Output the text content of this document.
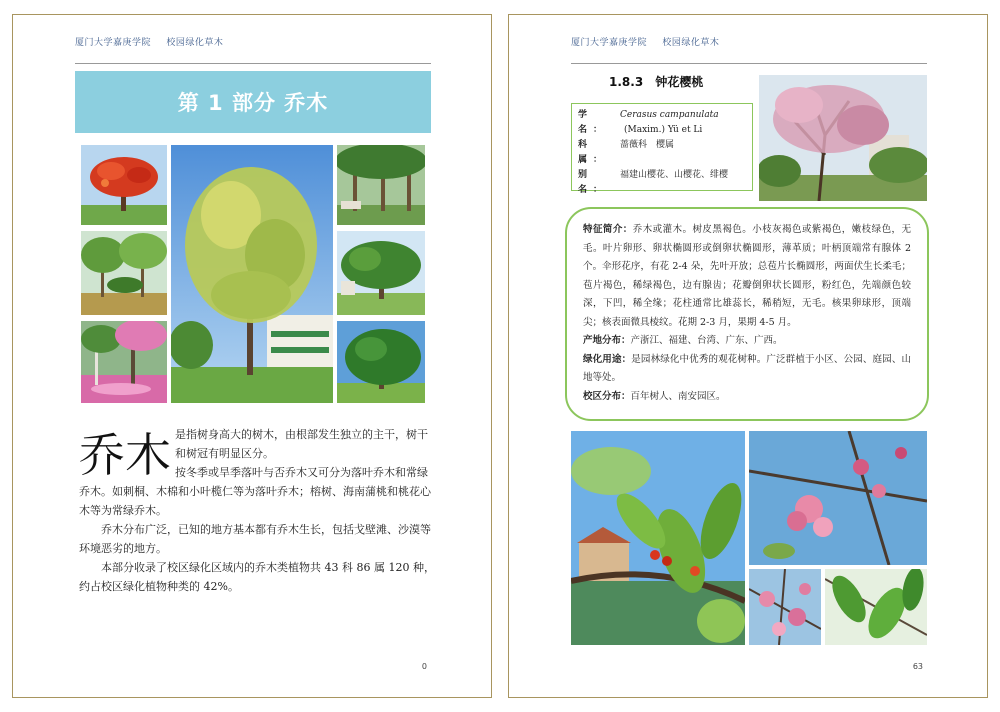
厦门大学嘉庚学院 校园绿化草木
第 1 部分 乔木
乔木 是指树身高大的树木，由根部发生独立的主干，树干和树冠有明显区分。

按冬季或旱季落叶与否乔木又可分为落叶乔木和常绿乔木。如刺桐、木棉和小叶榄仁等为落叶乔木；榕树、海南蒲桃和桃花心木等为常绿乔木。

乔木分布广泛，已知的地方基本都有乔木生长，包括戈壁滩、沙漠等环境恶劣的地方。

本部分收录了校区绿化区域内的乔木类植物共 43 科 86 属 120 种，约占校区绿化植物种类的 42%。

0
厦门大学嘉庚学院 校园绿化草木
1.8.3 钟花樱桃
学　名：
Cerasus campanulata
(Maxim.) Yü et Li
科　属：
蔷薇科　樱属
别　名：
福建山樱花、山樱花、绯樱

特征简介：乔木或灌木。树皮黑褐色。小枝灰褐色或紫褐色，嫩枝绿色，无毛。叶片卵形、卵状椭圆形或倒卵状椭圆形，薄革质；叶柄顶端常有腺体 2 个。伞形花序，有花 2-4 朵，先叶开放；总苞片长椭圆形，两面伏生长柔毛；苞片褐色，稀绿褐色，边有腺齿；花瓣倒卵状长圆形，粉红色，先端颜色较深，下凹，稀全缘；花柱通常比雄蕊长，稀稍短，无毛。核果卵球形，顶端尖；核表面微具棱纹。花期 2-3 月，果期 4-5 月。

产地分布：产浙江、福建、台湾、广东、广西。

绿化用途：是园林绿化中优秀的观花树种。广泛群植于小区、公园、庭园、山地等处。

校区分布：百年树人、南安园区。

63
